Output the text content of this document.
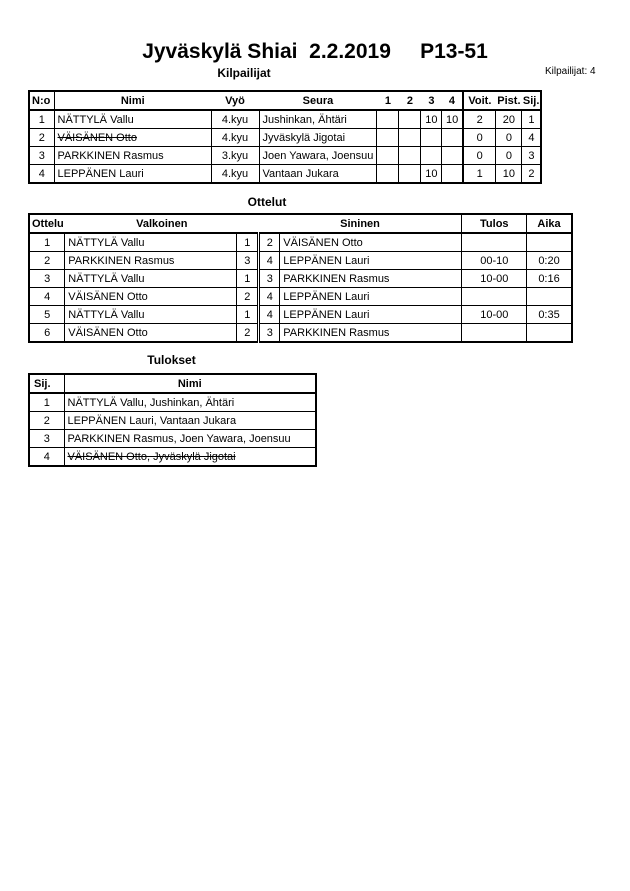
Jyväskylä Shiai  2.2.2019     P13-51
Kilpailijat: 4
Kilpailijat
N:o	Nimi	Vyö	Seura	1	2	3	4	Voit.	Pist.	Sij.
1	NÄTTYLÄ Vallu	4.kyu	Jushinkan, Ähtäri			10	10	2	20	1
2	VÄISÄNEN Otto	4.kyu	Jyväskylä Jigotai					0	0	4
3	PARKKINEN Rasmus	3.kyu	Joen Yawara, Joensuu					0	0	3
4	LEPPÄNEN Lauri	4.kyu	Vantaan Jukara			10		1	10	2
Ottelut
Ottelu	Valkoinen		Sininen		Tulos	Aika
1	NÄTTYLÄ Vallu	1	2	VÄISÄNEN Otto		
2	PARKKINEN Rasmus	3	4	LEPPÄNEN Lauri	00-10	0:20
3	NÄTTYLÄ Vallu	1	3	PARKKINEN Rasmus	10-00	0:16
4	VÄISÄNEN Otto	2	4	LEPPÄNEN Lauri		
5	NÄTTYLÄ Vallu	1	4	LEPPÄNEN Lauri	10-00	0:35
6	VÄISÄNEN Otto	2	3	PARKKINEN Rasmus		
Tulokset
Sij.	Nimi
1	NÄTTYLÄ Vallu, Jushinkan, Ähtäri
2	LEPPÄNEN Lauri, Vantaan Jukara
3	PARKKINEN Rasmus, Joen Yawara, Joensuu
4	VÄISÄNEN Otto, Jyväskylä Jigotai
